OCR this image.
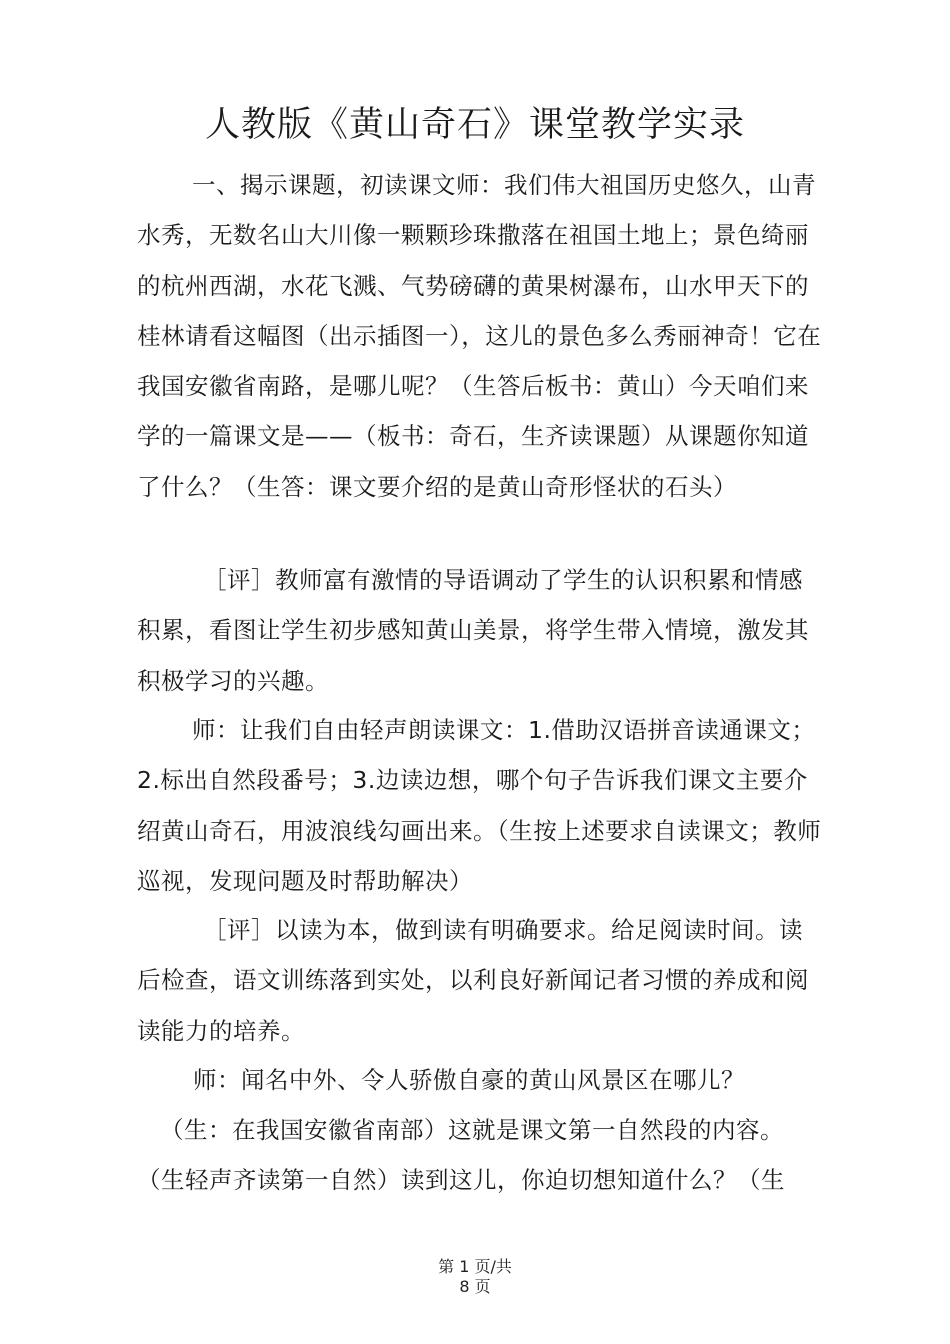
人教版《黄山奇石》课堂教学实录

一、揭示课题，初读课文师：我们伟大祖国历史悠久，山青水秀，无数名山大川像一颗颗珍珠撒落在祖国土地上；景色绮丽的杭州西湖，水花飞溅、气势磅礴的黄果树瀑布，山水甲天下的桂林请看这幅图（出示插图一），这儿的景色多么秀丽神奇！它在我国安徽省南路，是哪儿呢？（生答后板书：黄山）今天咱们来学的一篇课文是——（板书：奇石，生齐读课题）从课题你知道了什么？（生答：课文要介绍的是黄山奇形怪状的石头）

［评］教师富有激情的导语调动了学生的认识积累和情感积累，看图让学生初步感知黄山美景，将学生带入情境，激发其积极学习的兴趣。

师：让我们自由轻声朗读课文：1.借助汉语拼音读通课文；2.标出自然段番号；3.边读边想，哪个句子告诉我们课文主要介绍黄山奇石，用波浪线勾画出来。（生按上述要求自读课文；教师巡视，发现问题及时帮助解决）

［评］以读为本，做到读有明确要求。给足阅读时间。读后检查，语文训练落到实处，以利良好新闻记者习惯的养成和阅读能力的培养。

师：闻名中外、令人骄傲自豪的黄山风景区在哪儿？
（生：在我国安徽省南部）这就是课文第一自然段的内容。
（生轻声齐读第一自然）读到这儿，你迫切想知道什么？（生
第 1 页/共
8 页
